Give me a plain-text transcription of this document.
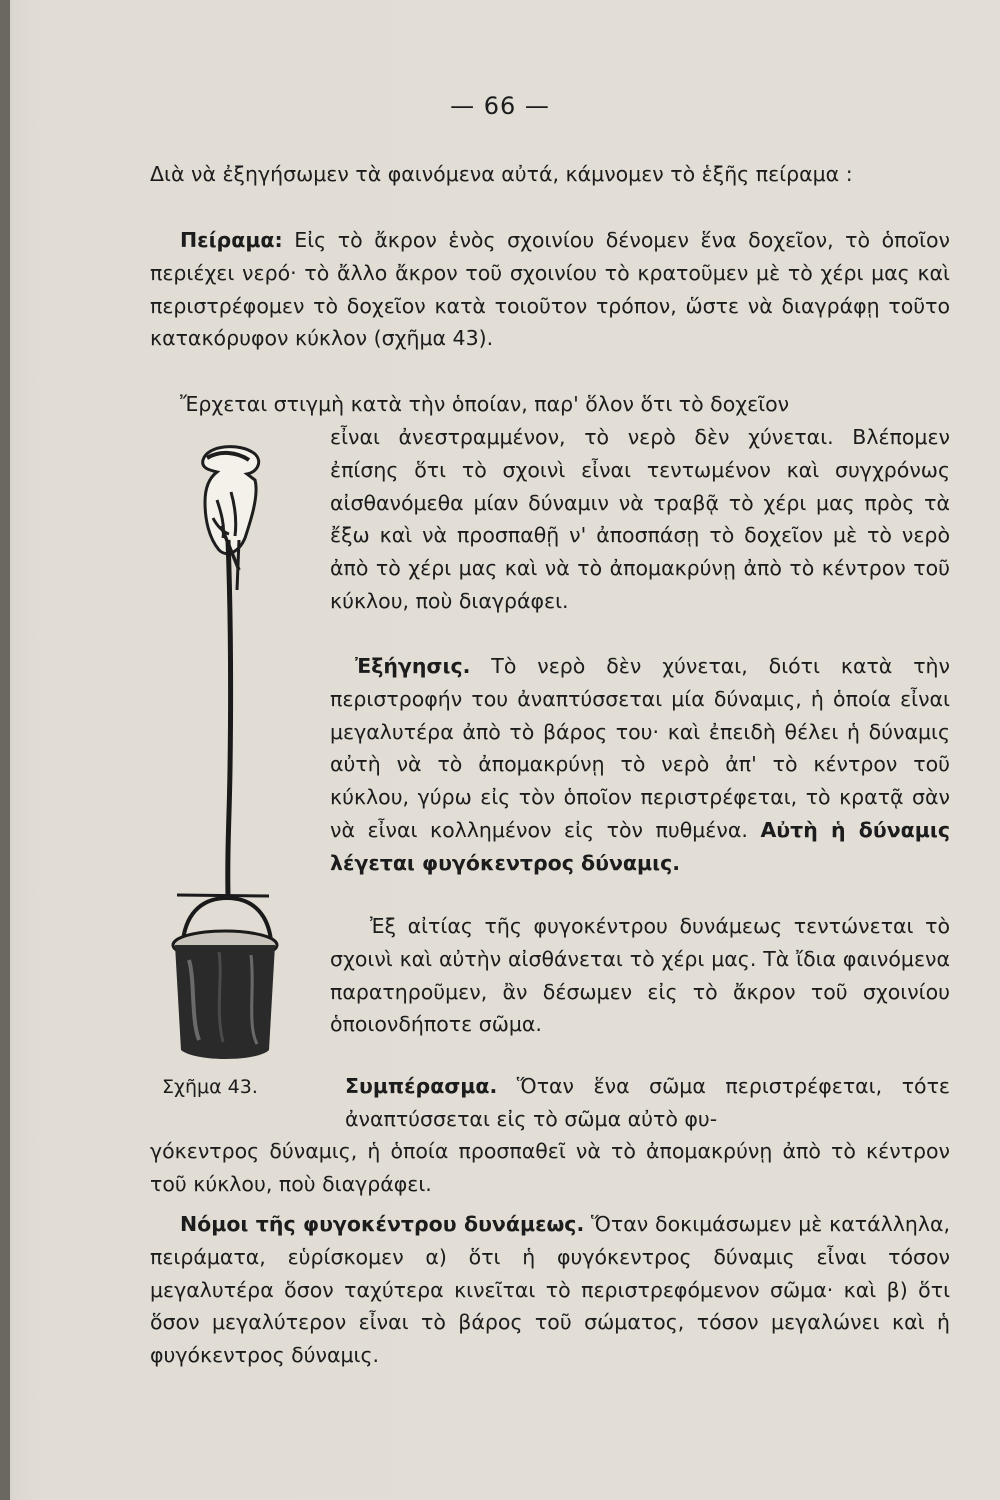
— 66 —
Διὰ νὰ ἐξηγήσωμεν τὰ φαινόμενα αὐτά, κάμνομεν τὸ ἑξῆς πείραμα :
Πείραμα: Εἰς τὸ ἄκρον ἑνὸς σχοινίου δένομεν ἕνα δοχεῖον, τὸ ὁποῖον περιέχει νερό· τὸ ἄλλο ἄκρον τοῦ σχοινίου τὸ κρατοῦμεν μὲ τὸ χέρι μας καὶ περιστρέφομεν τὸ δοχεῖον κατὰ τοιοῦτον τρόπον, ὥστε νὰ διαγράφῃ τοῦτο κατακόρυφον κύκλον (σχῆμα 43).
Ἔρχεται στιγμὴ κατὰ τὴν ὁποίαν, παρ' ὅλον ὅτι τὸ δοχεῖον
εἶναι ἀνεστραμμένον, τὸ νερὸ δὲν χύνεται. Βλέπομεν ἐπίσης ὅτι τὸ σχοινὶ εἶναι τεντωμένον καὶ συγχρόνως αἰσθανόμεθα μίαν δύναμιν νὰ τραβᾷ τὸ χέρι μας πρὸς τὰ ἔξω καὶ νὰ προσπαθῇ ν' ἀποσπάσῃ τὸ δοχεῖον μὲ τὸ νερὸ ἀπὸ τὸ χέρι μας καὶ νὰ τὸ ἀπομακρύνῃ ἀπὸ τὸ κέντρον τοῦ κύκλου, ποὺ διαγράφει.
Ἐξήγησις. Τὸ νερὸ δὲν χύνεται, διότι κατὰ τὴν περιστροφήν του ἀναπτύσσεται μία δύναμις, ἡ ὁποία εἶναι μεγαλυτέρα ἀπὸ τὸ βάρος του· καὶ ἐπειδὴ θέλει ἡ δύναμις αὐτὴ νὰ τὸ ἀπομακρύνῃ τὸ νερὸ ἀπ' τὸ κέντρον τοῦ κύκλου, γύρω εἰς τὸν ὁποῖον περιστρέφεται, τὸ κρατᾷ σὰν νὰ εἶναι κολλημένον εἰς τὸν πυθμένα. Αὐτὴ ἡ δύναμις λέγεται φυγόκεντρος δύναμις.
Ἐξ αἰτίας τῆς φυγοκέντρου δυνάμεως τεντώνεται τὸ σχοινὶ καὶ αὐτὴν αἰσθάνεται τὸ χέρι μας. Τὰ ἴδια φαινόμενα παρατηροῦμεν, ἂν δέσωμεν εἰς τὸ ἄκρον τοῦ σχοινίου ὁποιονδήποτε σῶμα.
Σχῆμα 43.	Συμπέρασμα. Ὅταν ἕνα σῶμα περιστρέφεται, τότε ἀναπτύσσεται εἰς τὸ σῶμα αὐτὸ φυ-
γόκεντρος δύναμις, ἡ ὁποία προσπαθεῖ νὰ τὸ ἀπομακρύνῃ ἀπὸ τὸ κέντρον τοῦ κύκλου, ποὺ διαγράφει.
Νόμοι τῆς φυγοκέντρου δυνάμεως. Ὅταν δοκιμάσωμεν μὲ κατάλληλα, πειράματα, εὑρίσκομεν α) ὅτι ἡ φυγόκεντρος δύναμις εἶναι τόσον μεγαλυτέρα ὅσον ταχύτερα κινεῖται τὸ περιστρεφόμενον σῶμα· καὶ β) ὅτι ὅσον μεγαλύτερον εἶναι τὸ βάρος τοῦ σώματος, τόσον μεγαλώνει καὶ ἡ φυγόκεντρος δύναμις.
